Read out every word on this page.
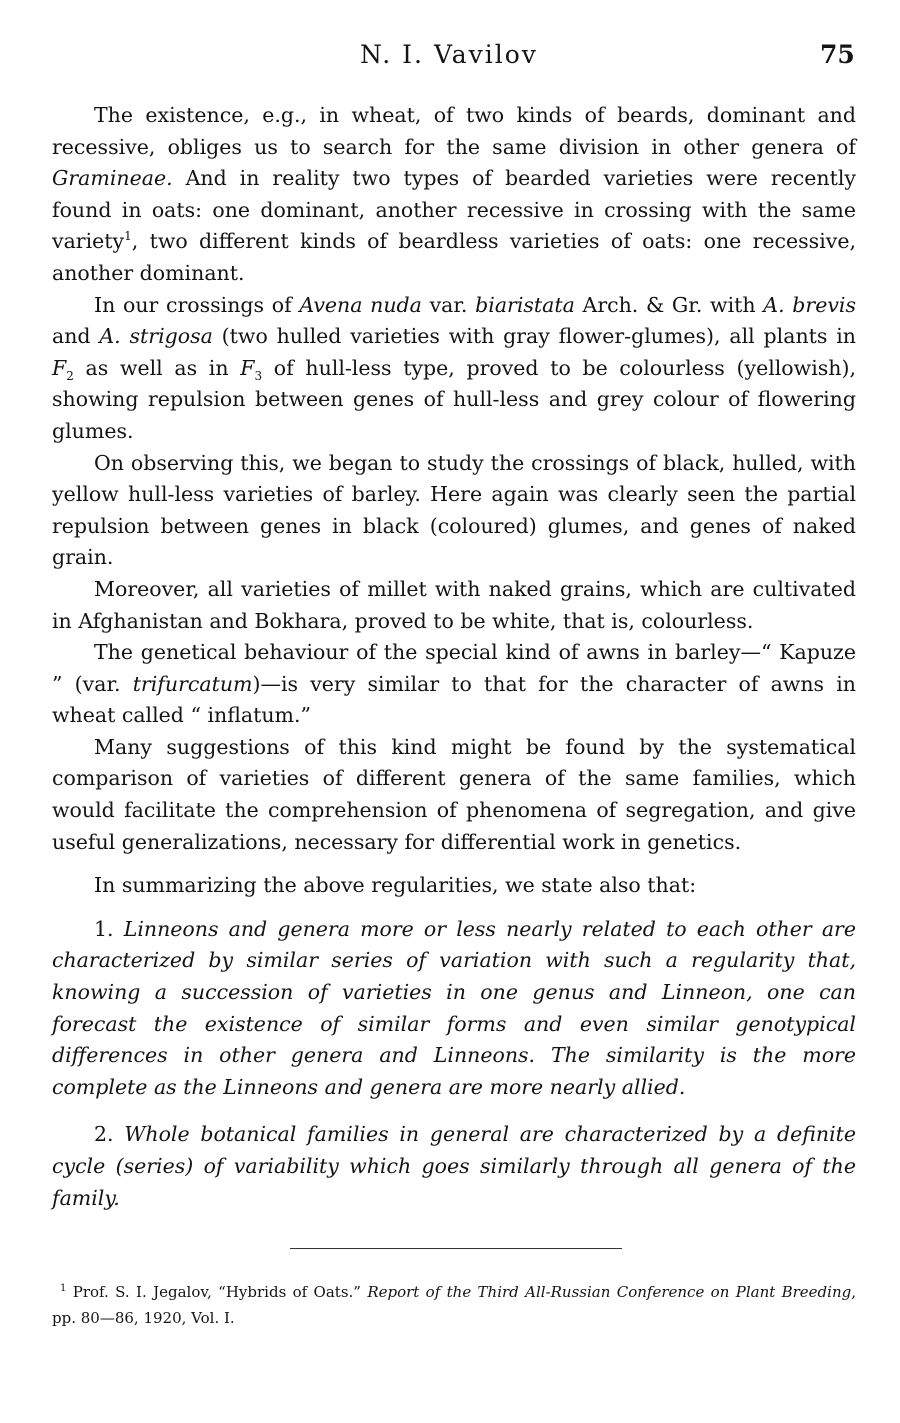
N. I. Vavilov	75

The existence, e.g., in wheat, of two kinds of beards, dominant and recessive, obliges us to search for the same division in other genera of Gramineae. And in reality two types of bearded varieties were recently found in oats: one dominant, another recessive in crossing with the same variety$^1$, two different kinds of beardless varieties of oats: one recessive, another dominant.

In our crossings of Avena nuda var. biaristata Arch. & Gr. with A. brevis and A. strigosa (two hulled varieties with gray flower-glumes), all plants in $F_2$ as well as in $F_3$ of hull-less type, proved to be colourless (yellowish), showing repulsion between genes of hull-less and grey colour of flowering glumes.

On observing this, we began to study the crossings of black, hulled, with yellow hull-less varieties of barley. Here again was clearly seen the partial repulsion between genes in black (coloured) glumes, and genes of naked grain.

Moreover, all varieties of millet with naked grains, which are cultivated in Afghanistan and Bokhara, proved to be white, that is, colourless.

The genetical behaviour of the special kind of awns in barley—“ Kapuze ” (var. trifurcatum)—is very similar to that for the character of awns in wheat called “ inflatum.”

Many suggestions of this kind might be found by the systematical comparison of varieties of different genera of the same families, which would facilitate the comprehension of phenomena of segregation, and give useful generalizations, necessary for differential work in genetics.

In summarizing the above regularities, we state also that:

1. Linneons and genera more or less nearly related to each other are characterized by similar series of variation with such a regularity that, knowing a succession of varieties in one genus and Linneon, one can forecast the existence of similar forms and even similar genotypical differences in other genera and Linneons. The similarity is the more complete as the Linneons and genera are more nearly allied.

2. Whole botanical families in general are characterized by a definite cycle (series) of variability which goes similarly through all genera of the family.

$^1$ Prof. S. I. Jegalov, “Hybrids of Oats.” Report of the Third All-Russian Conference on Plant Breeding, pp. 80—86, 1920, Vol. I.
